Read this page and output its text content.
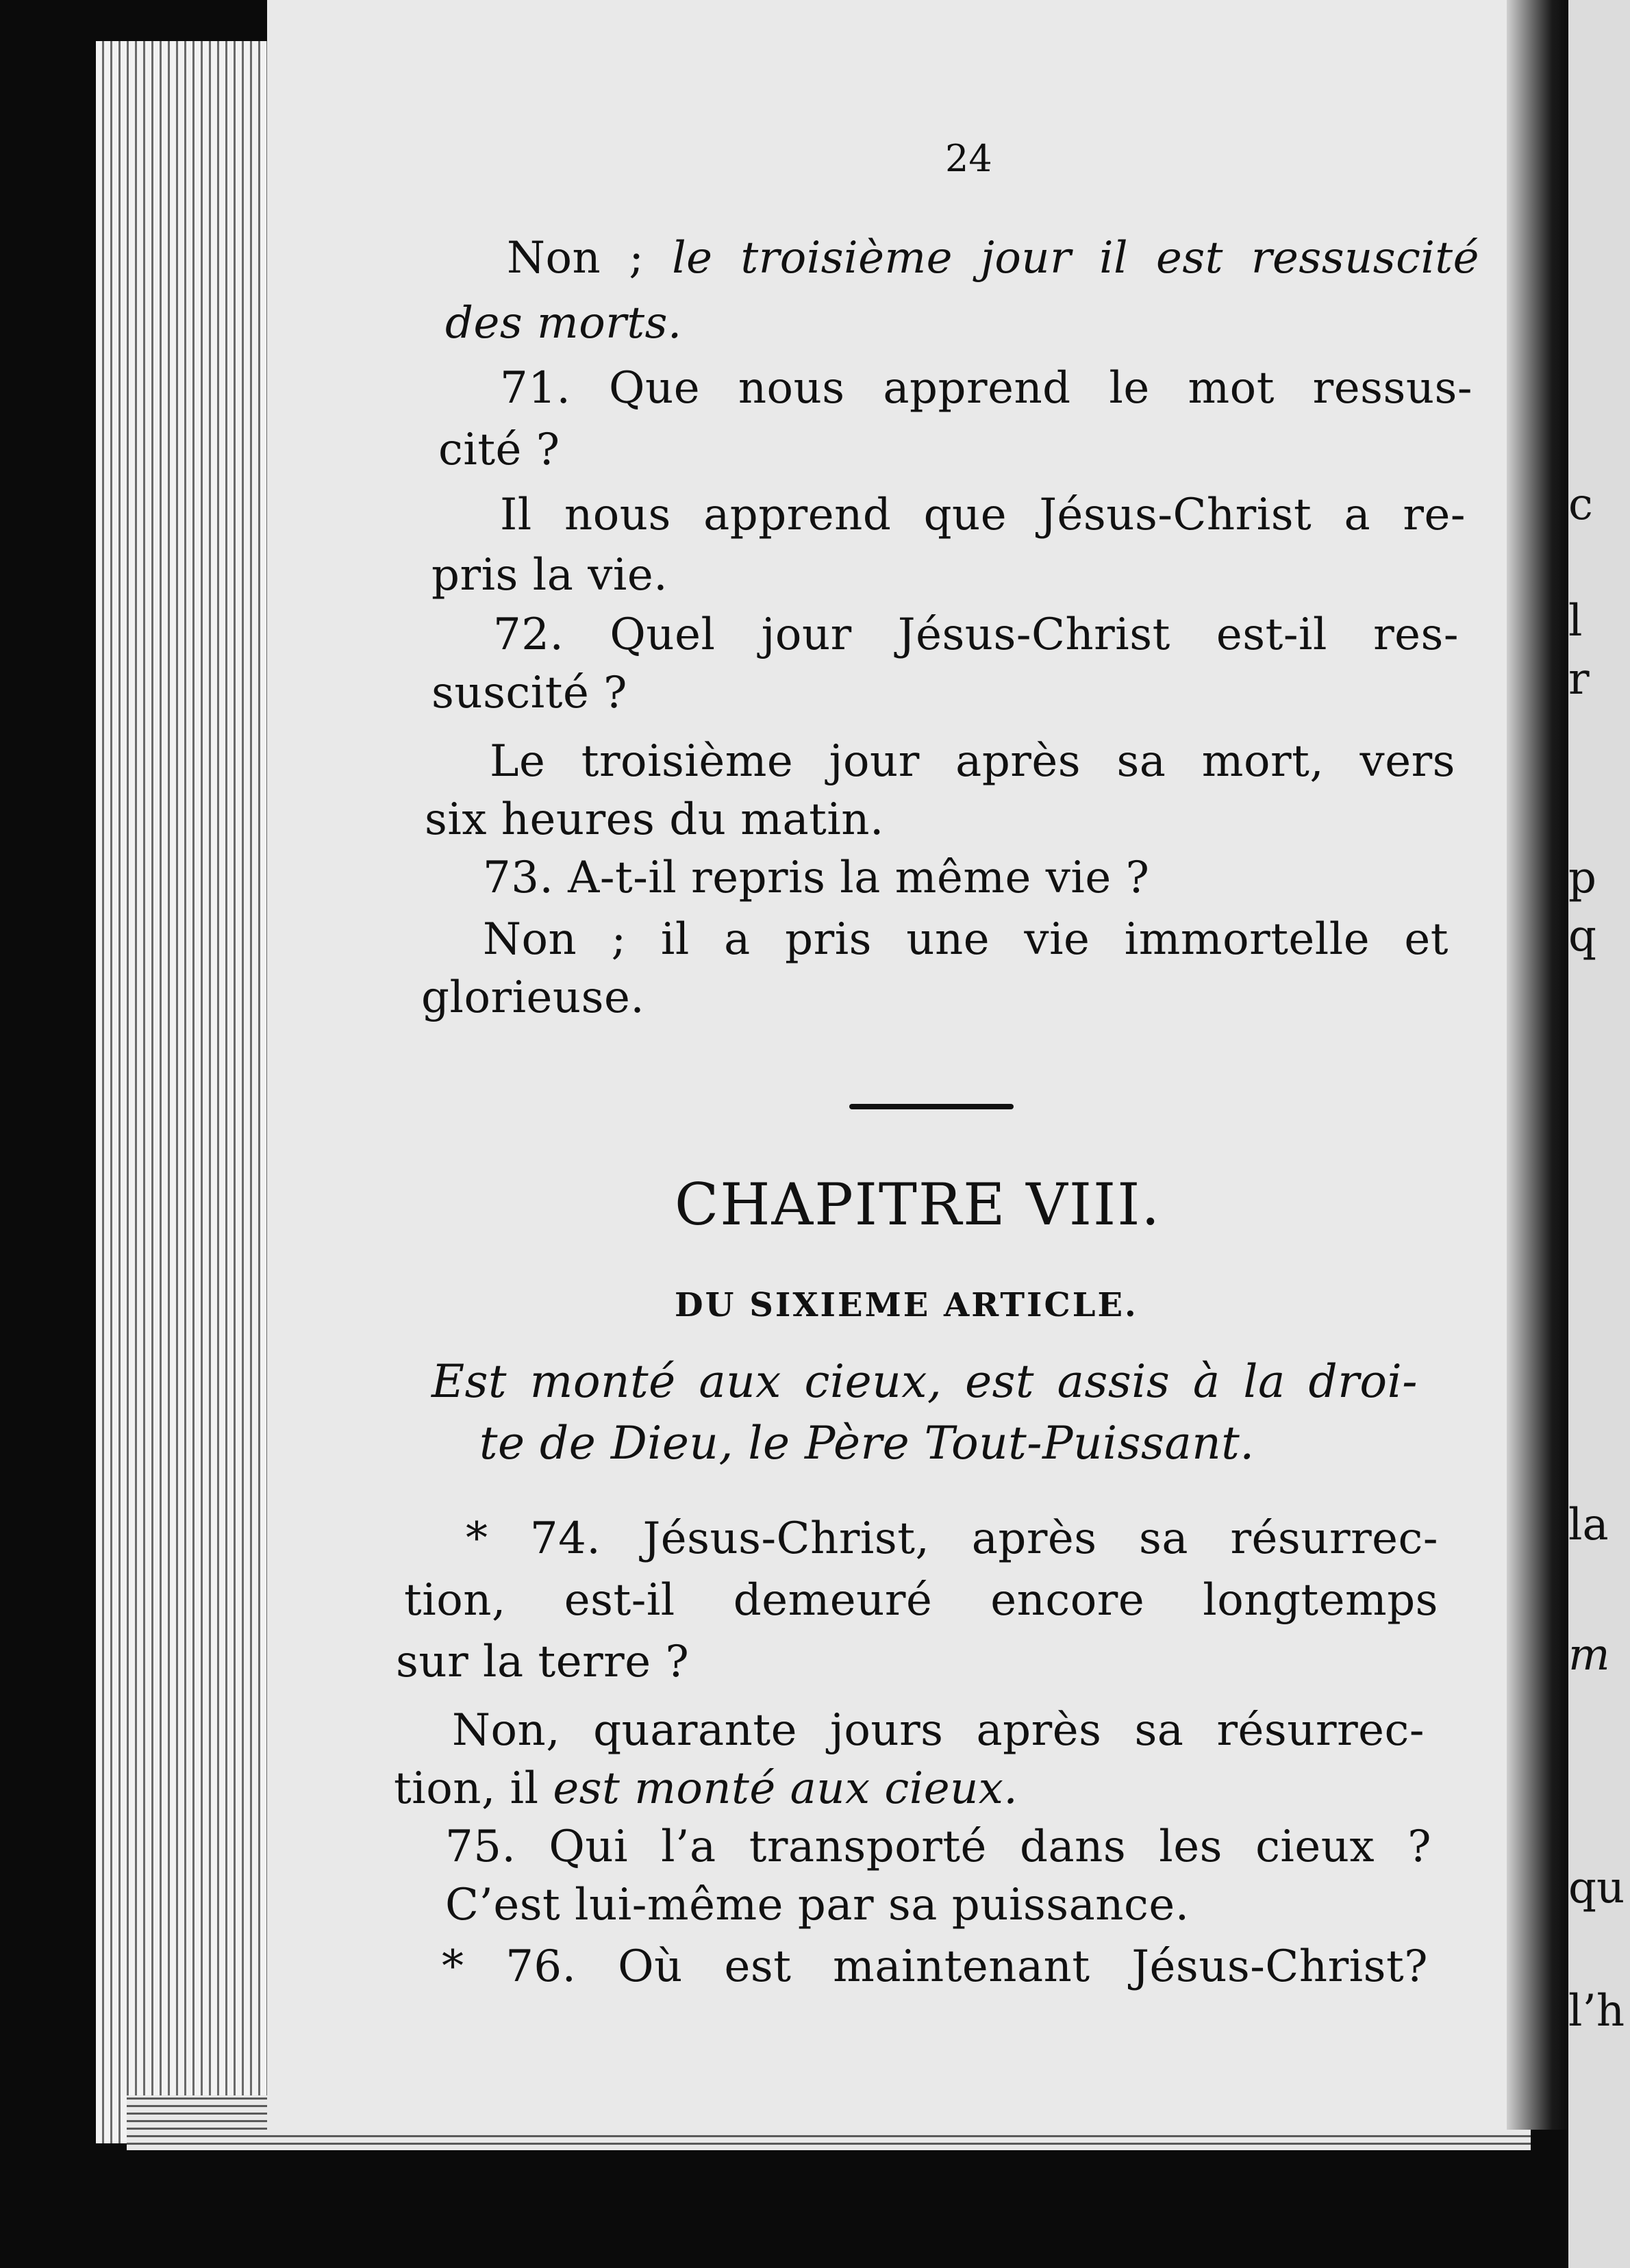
c
l
r
p
q
la
m
qu
l’h
24
Non ; le troisième jour il est ressuscité
des morts.
71. Que nous apprend le mot ressus-
cité ?
Il nous apprend que Jésus-Christ a re-
pris la vie.
72. Quel jour Jésus-Christ est-il res-
suscité ?
Le troisième jour après sa mort, vers
six heures du matin.
73. A-t-il repris la même vie ?
Non ; il a pris une vie immortelle et
glorieuse.
CHAPITRE VIII.
DU SIXIEME ARTICLE.
Est monté aux cieux, est assis à la droi-
te de Dieu, le Père Tout-Puissant.
* 74. Jésus-Christ, après sa résurrec-
tion, est-il demeuré encore longtemps
sur la terre ?
Non, quarante jours après sa résurrec-
tion, il est monté aux cieux.
75. Qui l’a transporté dans les cieux ?
C’est lui-même par sa puissance.
* 76. Où est maintenant Jésus-Christ?
